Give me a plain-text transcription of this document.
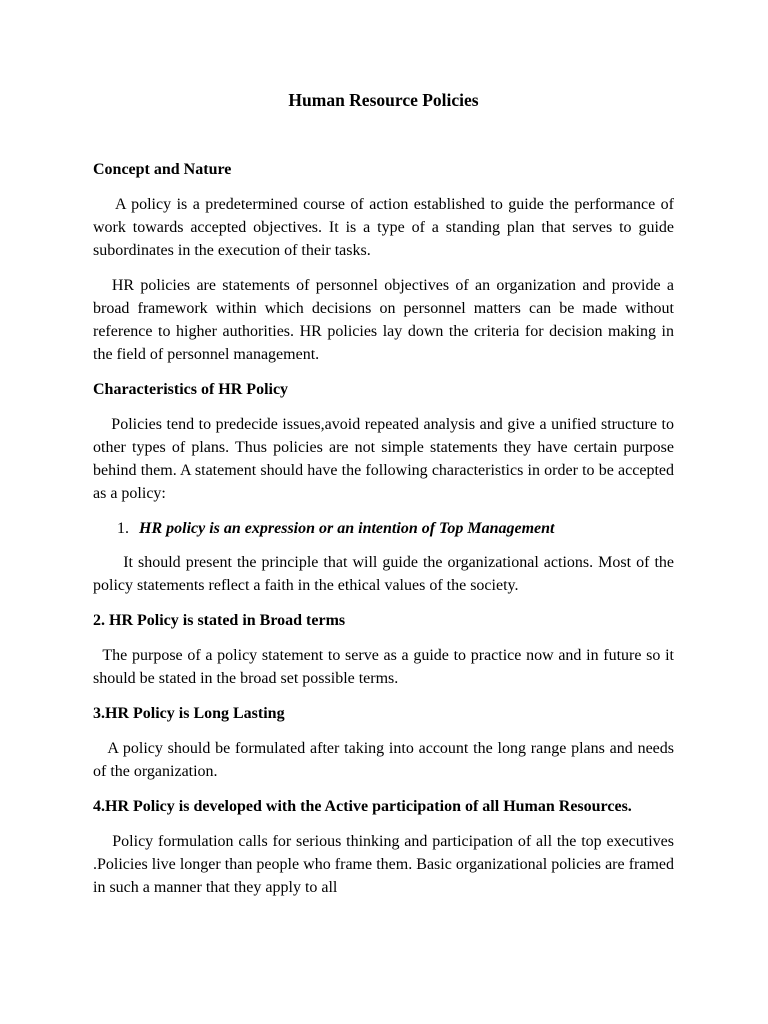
Human Resource Policies
Concept and Nature

A policy is a predetermined course of action established to guide the performance of work towards accepted objectives. It is a type of a standing plan that serves to guide subordinates in the execution of their tasks.

HR policies are statements of personnel objectives of an organization and provide a broad framework within which decisions on personnel matters can be made without reference to higher authorities. HR policies lay down the criteria for decision making in the field of personnel management.

Characteristics of HR Policy

Policies tend to predecide issues,avoid repeated analysis and give a unified structure to other types of plans. Thus policies are not simple statements they have certain purpose behind them. A statement should have the following characteristics in order to be accepted as a policy:

1. HR policy is an expression or an intention of Top Management

It should present the principle that will guide the organizational actions. Most of the  policy statements reflect a faith in the ethical values of the society.

2. HR Policy is stated in Broad terms

The purpose of a policy statement to serve as a guide to practice now and in future so it should be stated in the broad set possible terms.

3.HR Policy is Long Lasting

A policy should be formulated after taking into account the long range plans and needs of the organization.

4.HR Policy is developed with the Active participation of all Human Resources.

Policy formulation calls for serious thinking and participation of all the top executives .Policies live longer than people who frame them. Basic organizational policies are framed in such a manner that they apply to all
